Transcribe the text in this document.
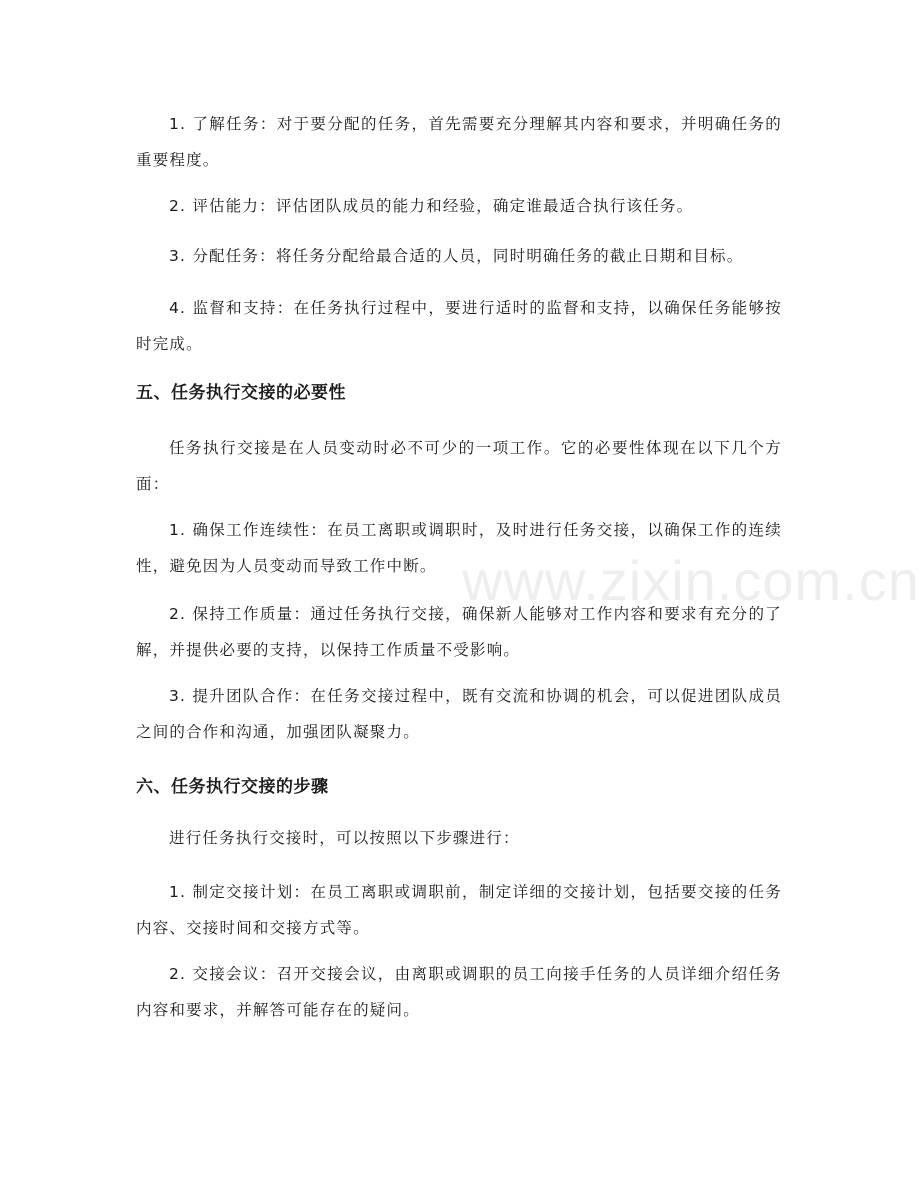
1. 了解任务：对于要分配的任务，首先需要充分理解其内容和要求，并明确任务的重要程度。

2. 评估能力：评估团队成员的能力和经验，确定谁最适合执行该任务。

3. 分配任务：将任务分配给最合适的人员，同时明确任务的截止日期和目标。

4. 监督和支持：在任务执行过程中，要进行适时的监督和支持，以确保任务能够按时完成。

五、任务执行交接的必要性

任务执行交接是在人员变动时必不可少的一项工作。它的必要性体现在以下几个方面：

1. 确保工作连续性：在员工离职或调职时，及时进行任务交接，以确保工作的连续性，避免因为人员变动而导致工作中断。

2. 保持工作质量：通过任务执行交接，确保新人能够对工作内容和要求有充分的了解，并提供必要的支持，以保持工作质量不受影响。

3. 提升团队合作：在任务交接过程中，既有交流和协调的机会，可以促进团队成员之间的合作和沟通，加强团队凝聚力。

六、任务执行交接的步骤

进行任务执行交接时，可以按照以下步骤进行：

1. 制定交接计划：在员工离职或调职前，制定详细的交接计划，包括要交接的任务内容、交接时间和交接方式等。

2. 交接会议：召开交接会议，由离职或调职的员工向接手任务的人员详细介绍任务内容和要求，并解答可能存在的疑问。

www.zixin.com.cn
